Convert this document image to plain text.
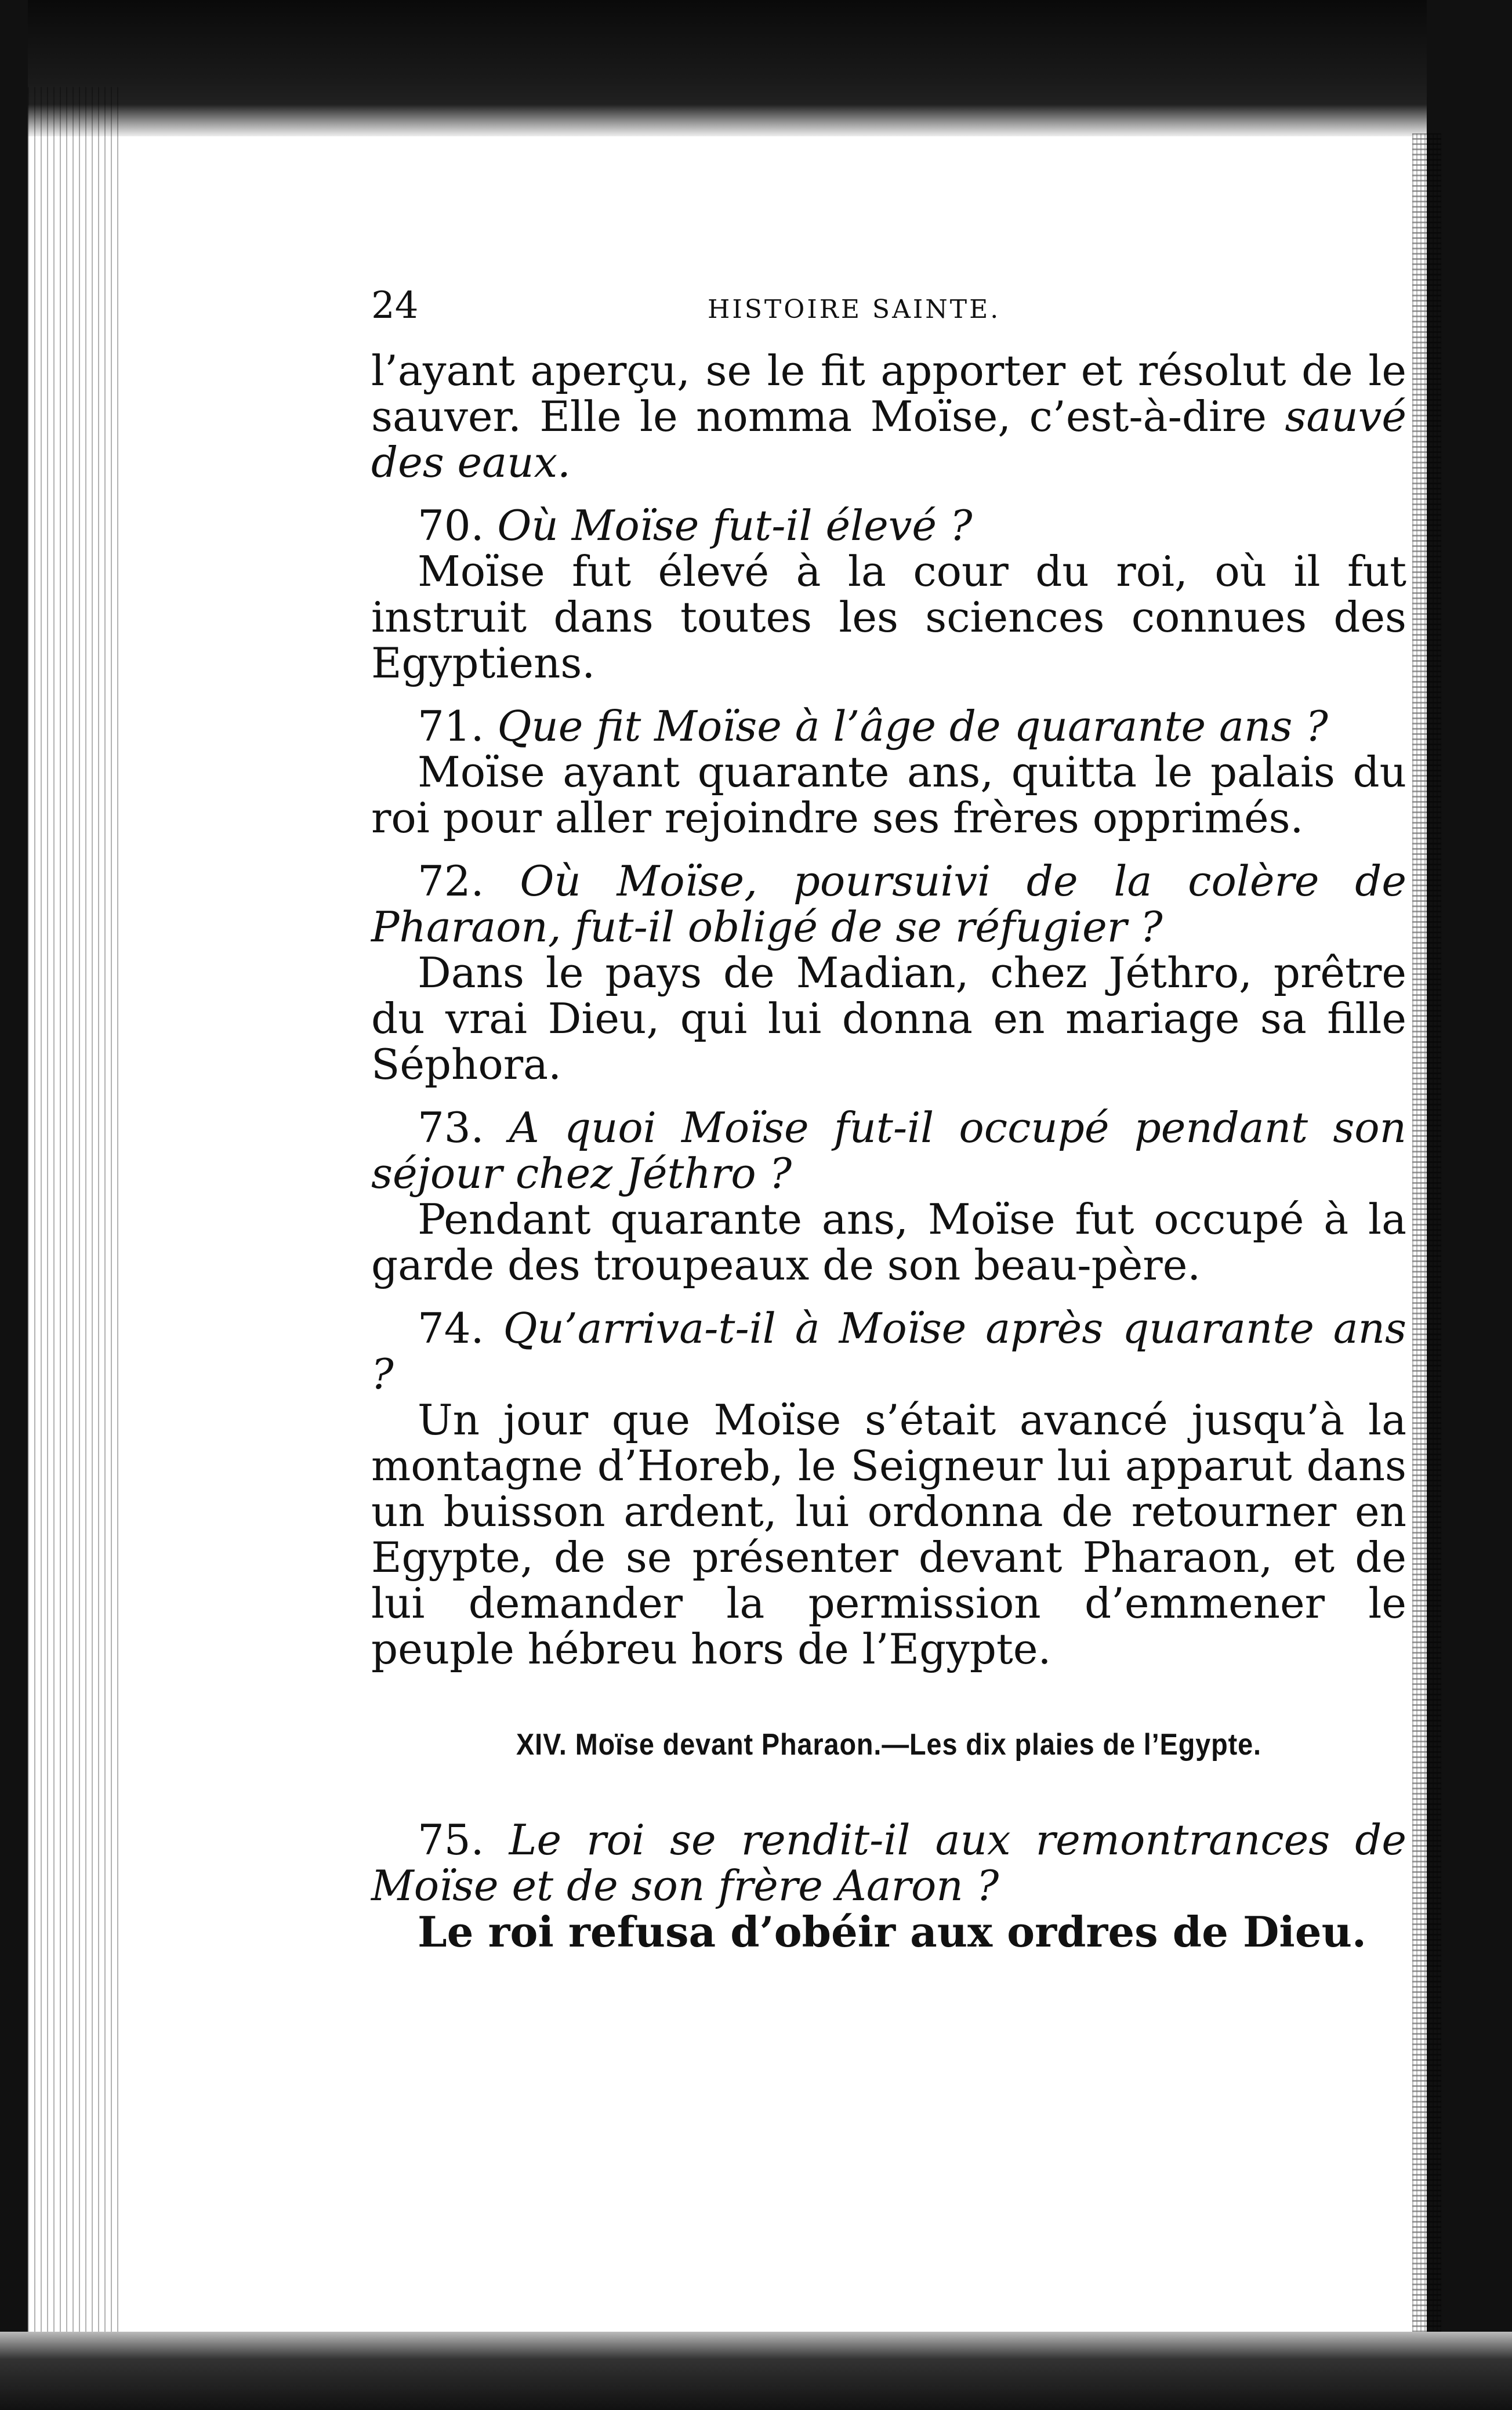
24	HISTOIRE SAINTE.

l’ayant aperçu, se le fit apporter et résolut de le sauver. Elle le nomma Moïse, c’est-à-dire sauvé des eaux.

70. Où Moïse fut-il élevé ?

Moïse fut élevé à la cour du roi, où il fut instruit dans toutes les sciences connues des Egyptiens.

71. Que fit Moïse à l’âge de quarante ans ?

Moïse ayant quarante ans, quitta le palais du roi pour aller rejoindre ses frères opprimés.

72. Où Moïse, poursuivi de la colère de Pharaon, fut-il obligé de se réfugier ?

Dans le pays de Madian, chez Jéthro, prêtre du vrai Dieu, qui lui donna en mariage sa fille Séphora.

73. A quoi Moïse fut-il occupé pendant son séjour chez Jéthro ?

Pendant quarante ans, Moïse fut occupé à la garde des troupeaux de son beau-père.

74. Qu’arriva-t-il à Moïse après quarante ans ?

Un jour que Moïse s’était avancé jusqu’à la montagne d’Horeb, le Seigneur lui apparut dans un buisson ardent, lui ordonna de retourner en Egypte, de se présenter devant Pharaon, et de lui demander la permission d’emmener le peuple hébreu hors de l’Egypte.

XIV. Moïse devant Pharaon.—Les dix plaies de l’Egypte.

75. Le roi se rendit-il aux remontrances de Moïse et de son frère Aaron ?

Le roi refusa d’obéir aux ordres de Dieu.
